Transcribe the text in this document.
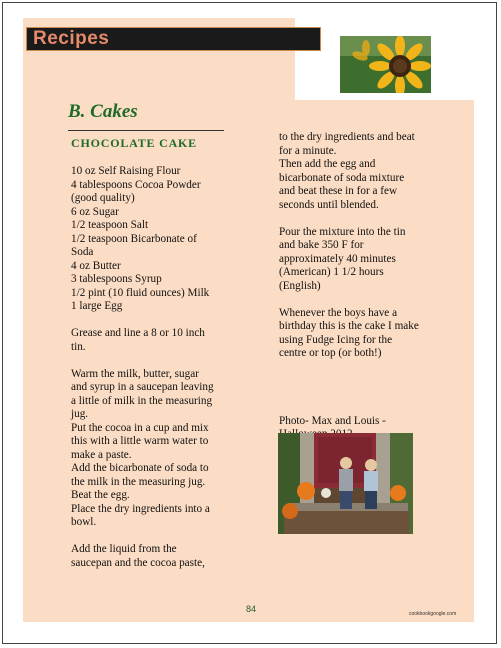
Recipes
B. Cakes
CHOCOLATE CAKE
10 oz Self Raising Flour
4 tablespoons Cocoa Powder
(good quality)
6 oz Sugar
1/2 teaspoon Salt
1/2 teaspoon Bicarbonate of
Soda
4 oz Butter
3 tablespoons Syrup
1/2 pint (10 fluid ounces) Milk
1 large Egg
Grease and line a 8 or 10 inch
tin.
Warm the milk, butter, sugar
and syrup in a saucepan leaving
a little of milk in the measuring
jug.
Put the cocoa in a cup and mix
this with a little warm water to
make a paste.
Add the bicarbonate of soda to
the milk in the measuring jug.
Beat the egg.
Place the dry ingredients into a
bowl.
Add the liquid from the
saucepan and the cocoa paste,
to the dry ingredients and beat
for a minute.
Then add the egg and
bicarbonate of soda mixture
and beat these in for a few
seconds until blended.
Pour the mixture into the tin
and bake 350 F for
approximately 40 minutes
(American) 1 1/2 hours
(English)
Whenever the boys have a
birthday this is the cake I make
using Fudge Icing for the
centre or top (or both!)
Photo- Max and Louis -
84	cookbookgoogle.com
